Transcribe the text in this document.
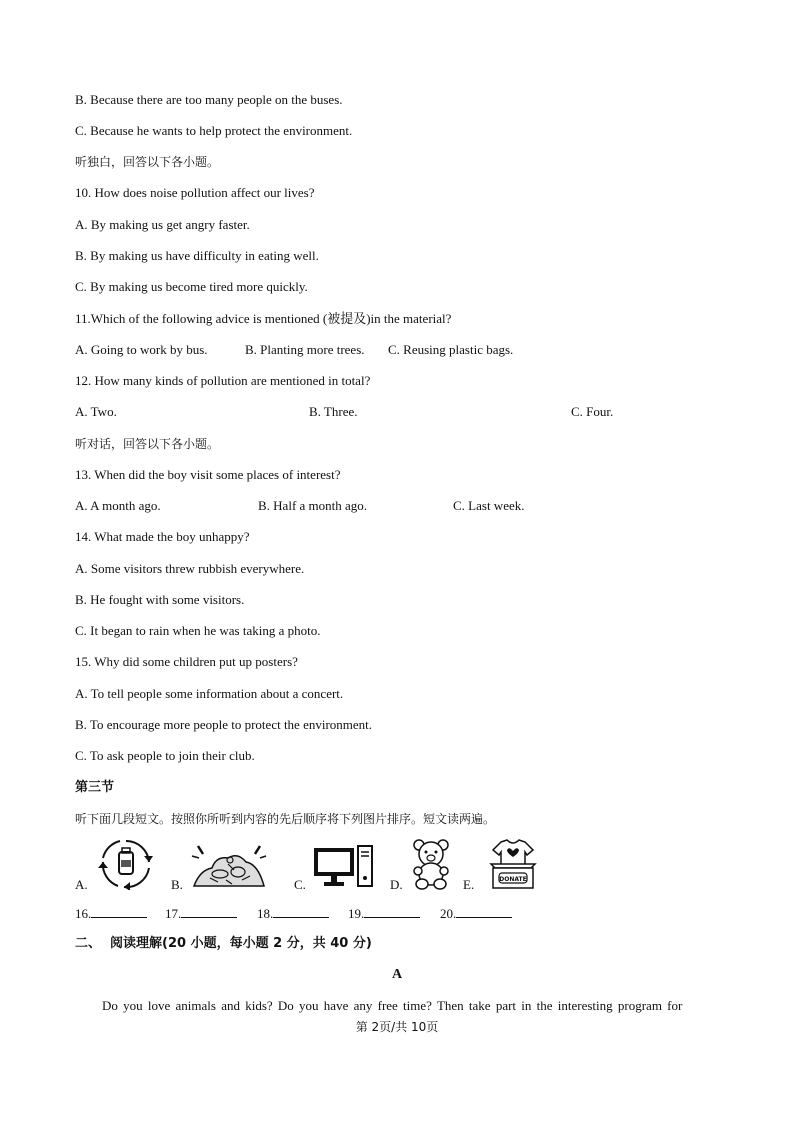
B. Because there are too many people on the buses.
C. Because he wants to help protect the environment.
听独白，回答以下各小题。
10. How does noise pollution affect our lives?
A. By making us get angry faster.
B. By making us have difficulty in eating well.
C. By making us become tired more quickly.
11.Which of the following advice is mentioned (被提及)in the material?
A. Going to work by bus.	B. Planting more trees. C. Reusing plastic bags.
12. How many kinds of pollution are mentioned in total?
A. Two.	B. Three.	C. Four.
听对话，回答以下各小题。
13. When did the boy visit some places of interest?
A. A month ago.	B. Half a month ago.	C. Last week.
14. What made the boy unhappy?
A. Some visitors threw rubbish everywhere.
B. He fought with some visitors.
C. It began to rain when he was taking a photo.
15. Why did some children put up posters?
A. To tell people some information about a concert.
B. To encourage more people to protect the environment.
C. To ask people to join their club.
第三节
听下面几段短文。按照你所听到内容的先后顺序将下列图片排序。短文读两遍。
A.	B.	C.	D.	E.	DONATE
16.	17.	18.	19.	20.
二、  阅读理解(20 小题，每小题 2 分，共 40 分)
A
Do you love animals and kids? Do you have any free time? Then take part in the interesting program for
第 2页/共 10页
